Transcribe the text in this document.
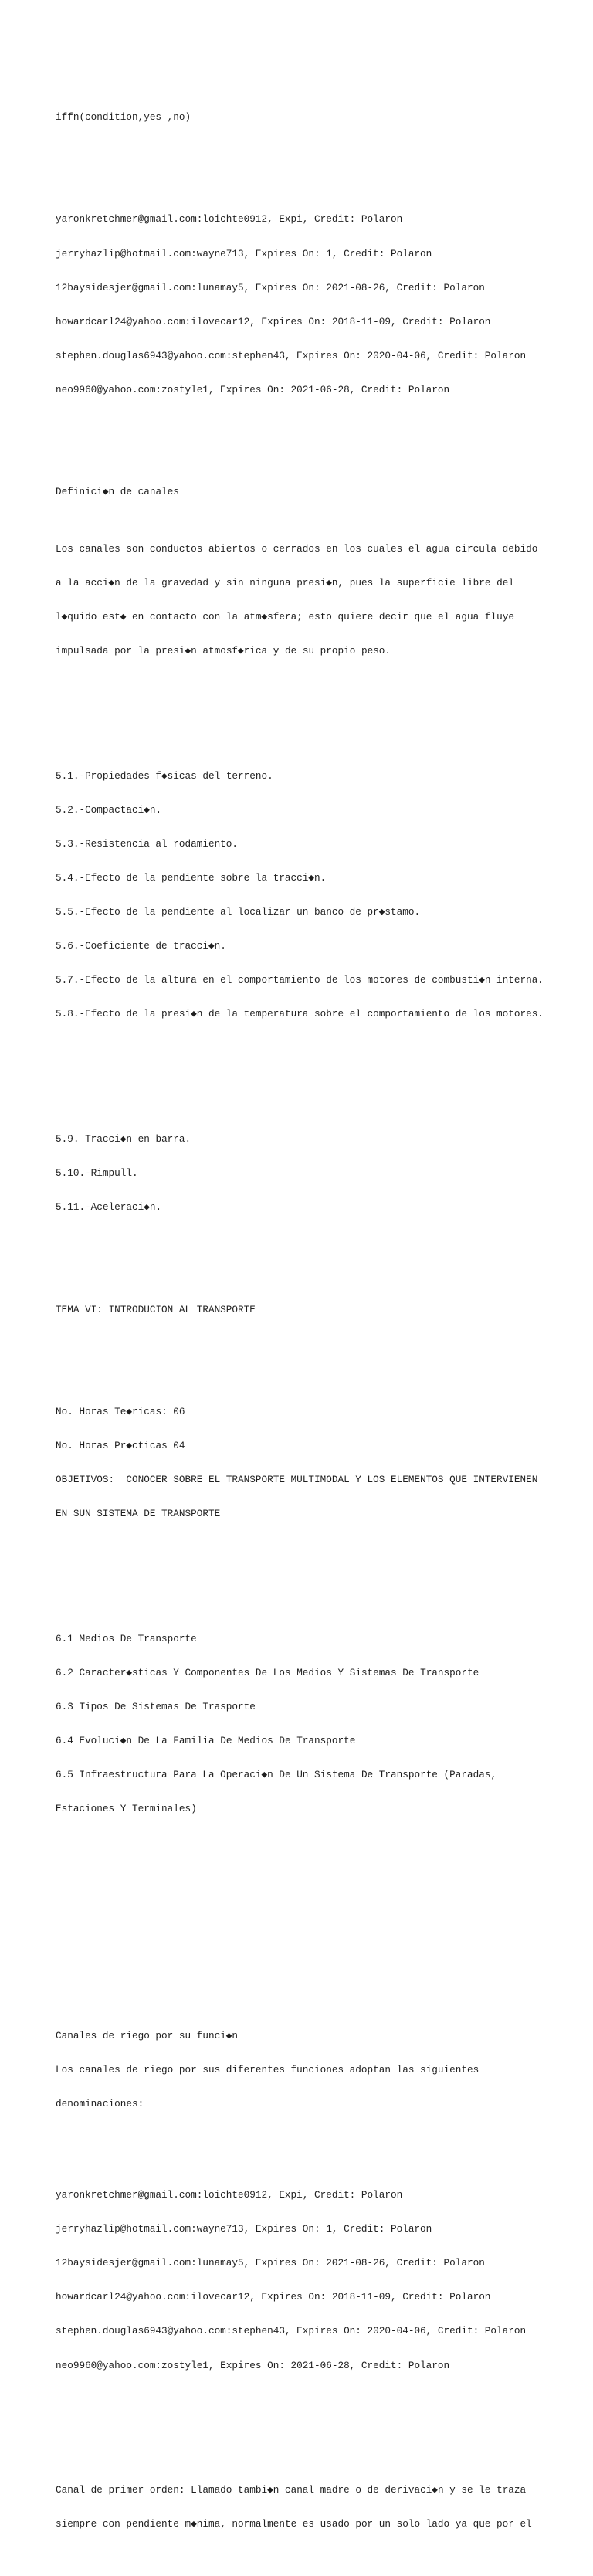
iffn(condition,yes ,no)

yaronkretchmer@gmail.com:loichte0912, Expi, Credit: Polaron

jerryhazlip@hotmail.com:wayne713, Expires On: 1, Credit: Polaron

12baysidesjer@gmail.com:lunamay5, Expires On: 2021-08-26, Credit: Polaron

howardcarl24@yahoo.com:ilovecar12, Expires On: 2018-11-09, Credit: Polaron

stephen.douglas6943@yahoo.com:stephen43, Expires On: 2020-04-06, Credit: Polaron

neo9960@yahoo.com:zostyle1, Expires On: 2021-06-28, Credit: Polaron

Definici◆n de canales

Los canales son conductos abiertos o cerrados en los cuales el agua circula debido

a la acci◆n de la gravedad y sin ninguna presi◆n, pues la superficie libre del

l◆quido est◆ en contacto con la atm◆sfera; esto quiere decir que el agua fluye

impulsada por la presi◆n atmosf◆rica y de su propio peso.

5.1.-Propiedades f◆sicas del terreno.

5.2.-Compactaci◆n.

5.3.-Resistencia al rodamiento.

5.4.-Efecto de la pendiente sobre la tracci◆n.

5.5.-Efecto de la pendiente al localizar un banco de pr◆stamo.

5.6.-Coeficiente de tracci◆n.

5.7.-Efecto de la altura en el comportamiento de los motores de combusti◆n interna.

5.8.-Efecto de la presi◆n de la temperatura sobre el comportamiento de los motores.

5.9. Tracci◆n en barra.

5.10.-Rimpull.

5.11.-Aceleraci◆n.

TEMA VI: INTRODUCION AL TRANSPORTE

No. Horas Te◆ricas: 06

No. Horas Pr◆cticas 04

OBJETIVOS:  CONOCER SOBRE EL TRANSPORTE MULTIMODAL Y LOS ELEMENTOS QUE INTERVIENEN

EN SUN SISTEMA DE TRANSPORTE

6.1 Medios De Transporte

6.2 Caracter◆sticas Y Componentes De Los Medios Y Sistemas De Transporte

6.3 Tipos De Sistemas De Trasporte

6.4 Evoluci◆n De La Familia De Medios De Transporte

6.5 Infraestructura Para La Operaci◆n De Un Sistema De Transporte (Paradas,

Estaciones Y Terminales)

Canales de riego por su funci◆n

Los canales de riego por sus diferentes funciones adoptan las siguientes

denominaciones:

yaronkretchmer@gmail.com:loichte0912, Expi, Credit: Polaron

jerryhazlip@hotmail.com:wayne713, Expires On: 1, Credit: Polaron

12baysidesjer@gmail.com:lunamay5, Expires On: 2021-08-26, Credit: Polaron

howardcarl24@yahoo.com:ilovecar12, Expires On: 2018-11-09, Credit: Polaron

stephen.douglas6943@yahoo.com:stephen43, Expires On: 2020-04-06, Credit: Polaron

neo9960@yahoo.com:zostyle1, Expires On: 2021-06-28, Credit: Polaron

Canal de primer orden: Llamado tambi◆n canal madre o de derivaci◆n y se le traza

siempre con pendiente m◆nima, normalmente es usado por un solo lado ya que por el
